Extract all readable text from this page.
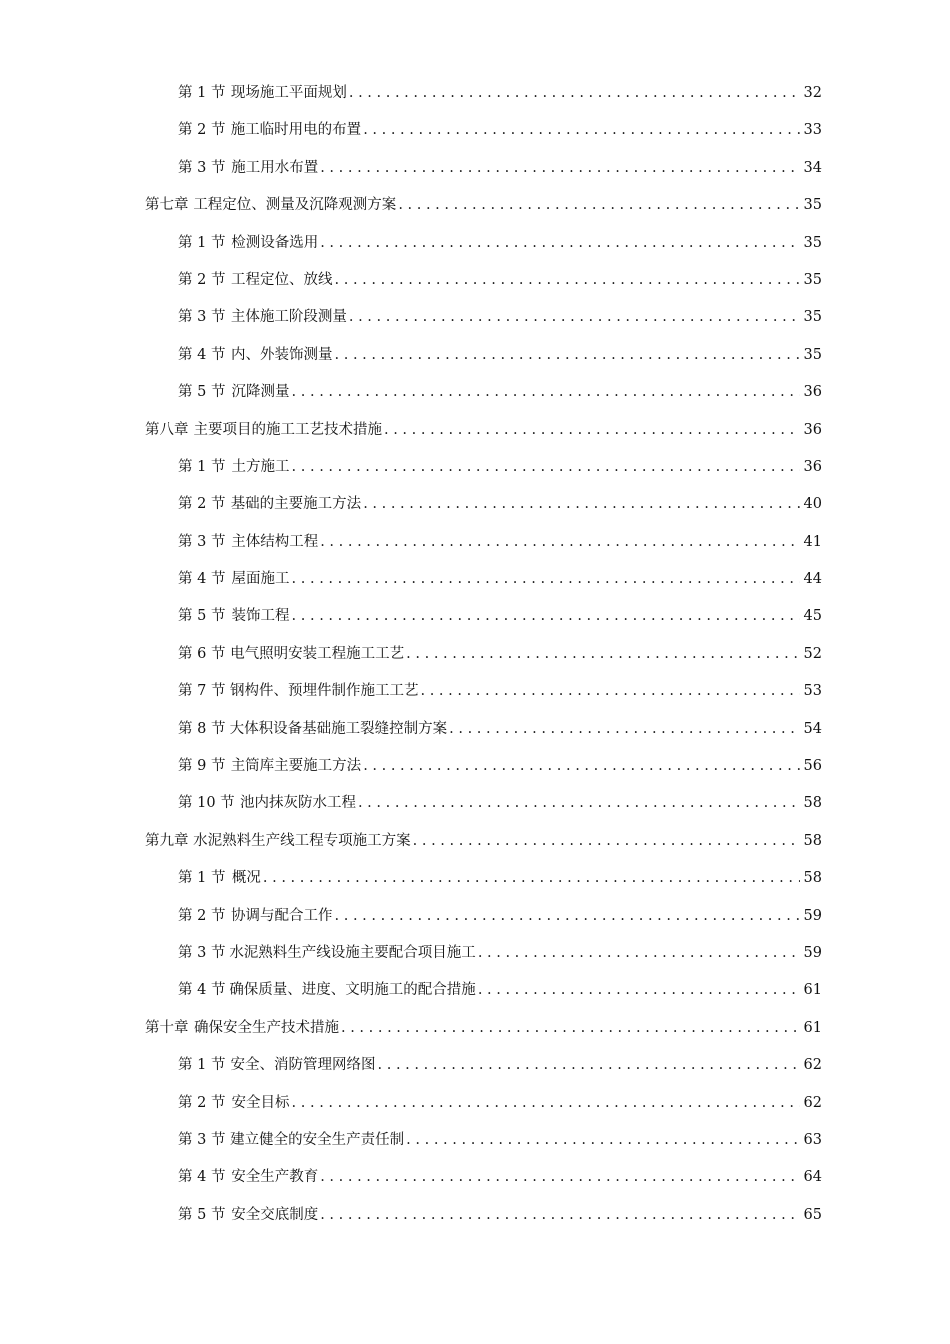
第 1 节 现场施工平面规划 . . .	32
第 2 节 施工临时用电的布置 . . .	33
第 3 节 施工用水布置 . . .	34
第七章 工程定位、测量及沉降观测方案 . . .	35
第 1 节 检测设备选用 . . .	35
第 2 节 工程定位、放线 . . .	35
第 3 节 主体施工阶段测量 . . .	35
第 4 节 内、外装饰测量 . . .	35
第 5 节 沉降测量 . . .	36
第八章 主要项目的施工工艺技术措施 . . .	36
第 1 节 土方施工 . . .	36
第 2 节 基础的主要施工方法 . . .	40
第 3 节 主体结构工程 . . .	41
第 4 节 屋面施工 . . .	44
第 5 节 装饰工程 . . .	45
第 6 节 电气照明安装工程施工工艺 . . .	52
第 7 节 钢构件、预埋件制作施工工艺 . . .	53
第 8 节 大体积设备基础施工裂缝控制方案 . . .	54
第 9 节 主筒库主要施工方法 . . .	56
第 10 节 池内抹灰防水工程 . . .	58
第九章 水泥熟料生产线工程专项施工方案 . . .	58
第 1 节 概况 . . .	58
第 2 节 协调与配合工作 . . .	59
第 3 节 水泥熟料生产线设施主要配合项目施工 . . .	59
第 4 节 确保质量、进度、文明施工的配合措施 . . .	61
第十章 确保安全生产技术措施 . . .	61
第 1 节 安全、消防管理网络图 . . .	62
第 2 节 安全目标 . . .	62
第 3 节 建立健全的安全生产责任制 . . .	63
第 4 节 安全生产教育 . . .	64
第 5 节 安全交底制度 . . .	65
